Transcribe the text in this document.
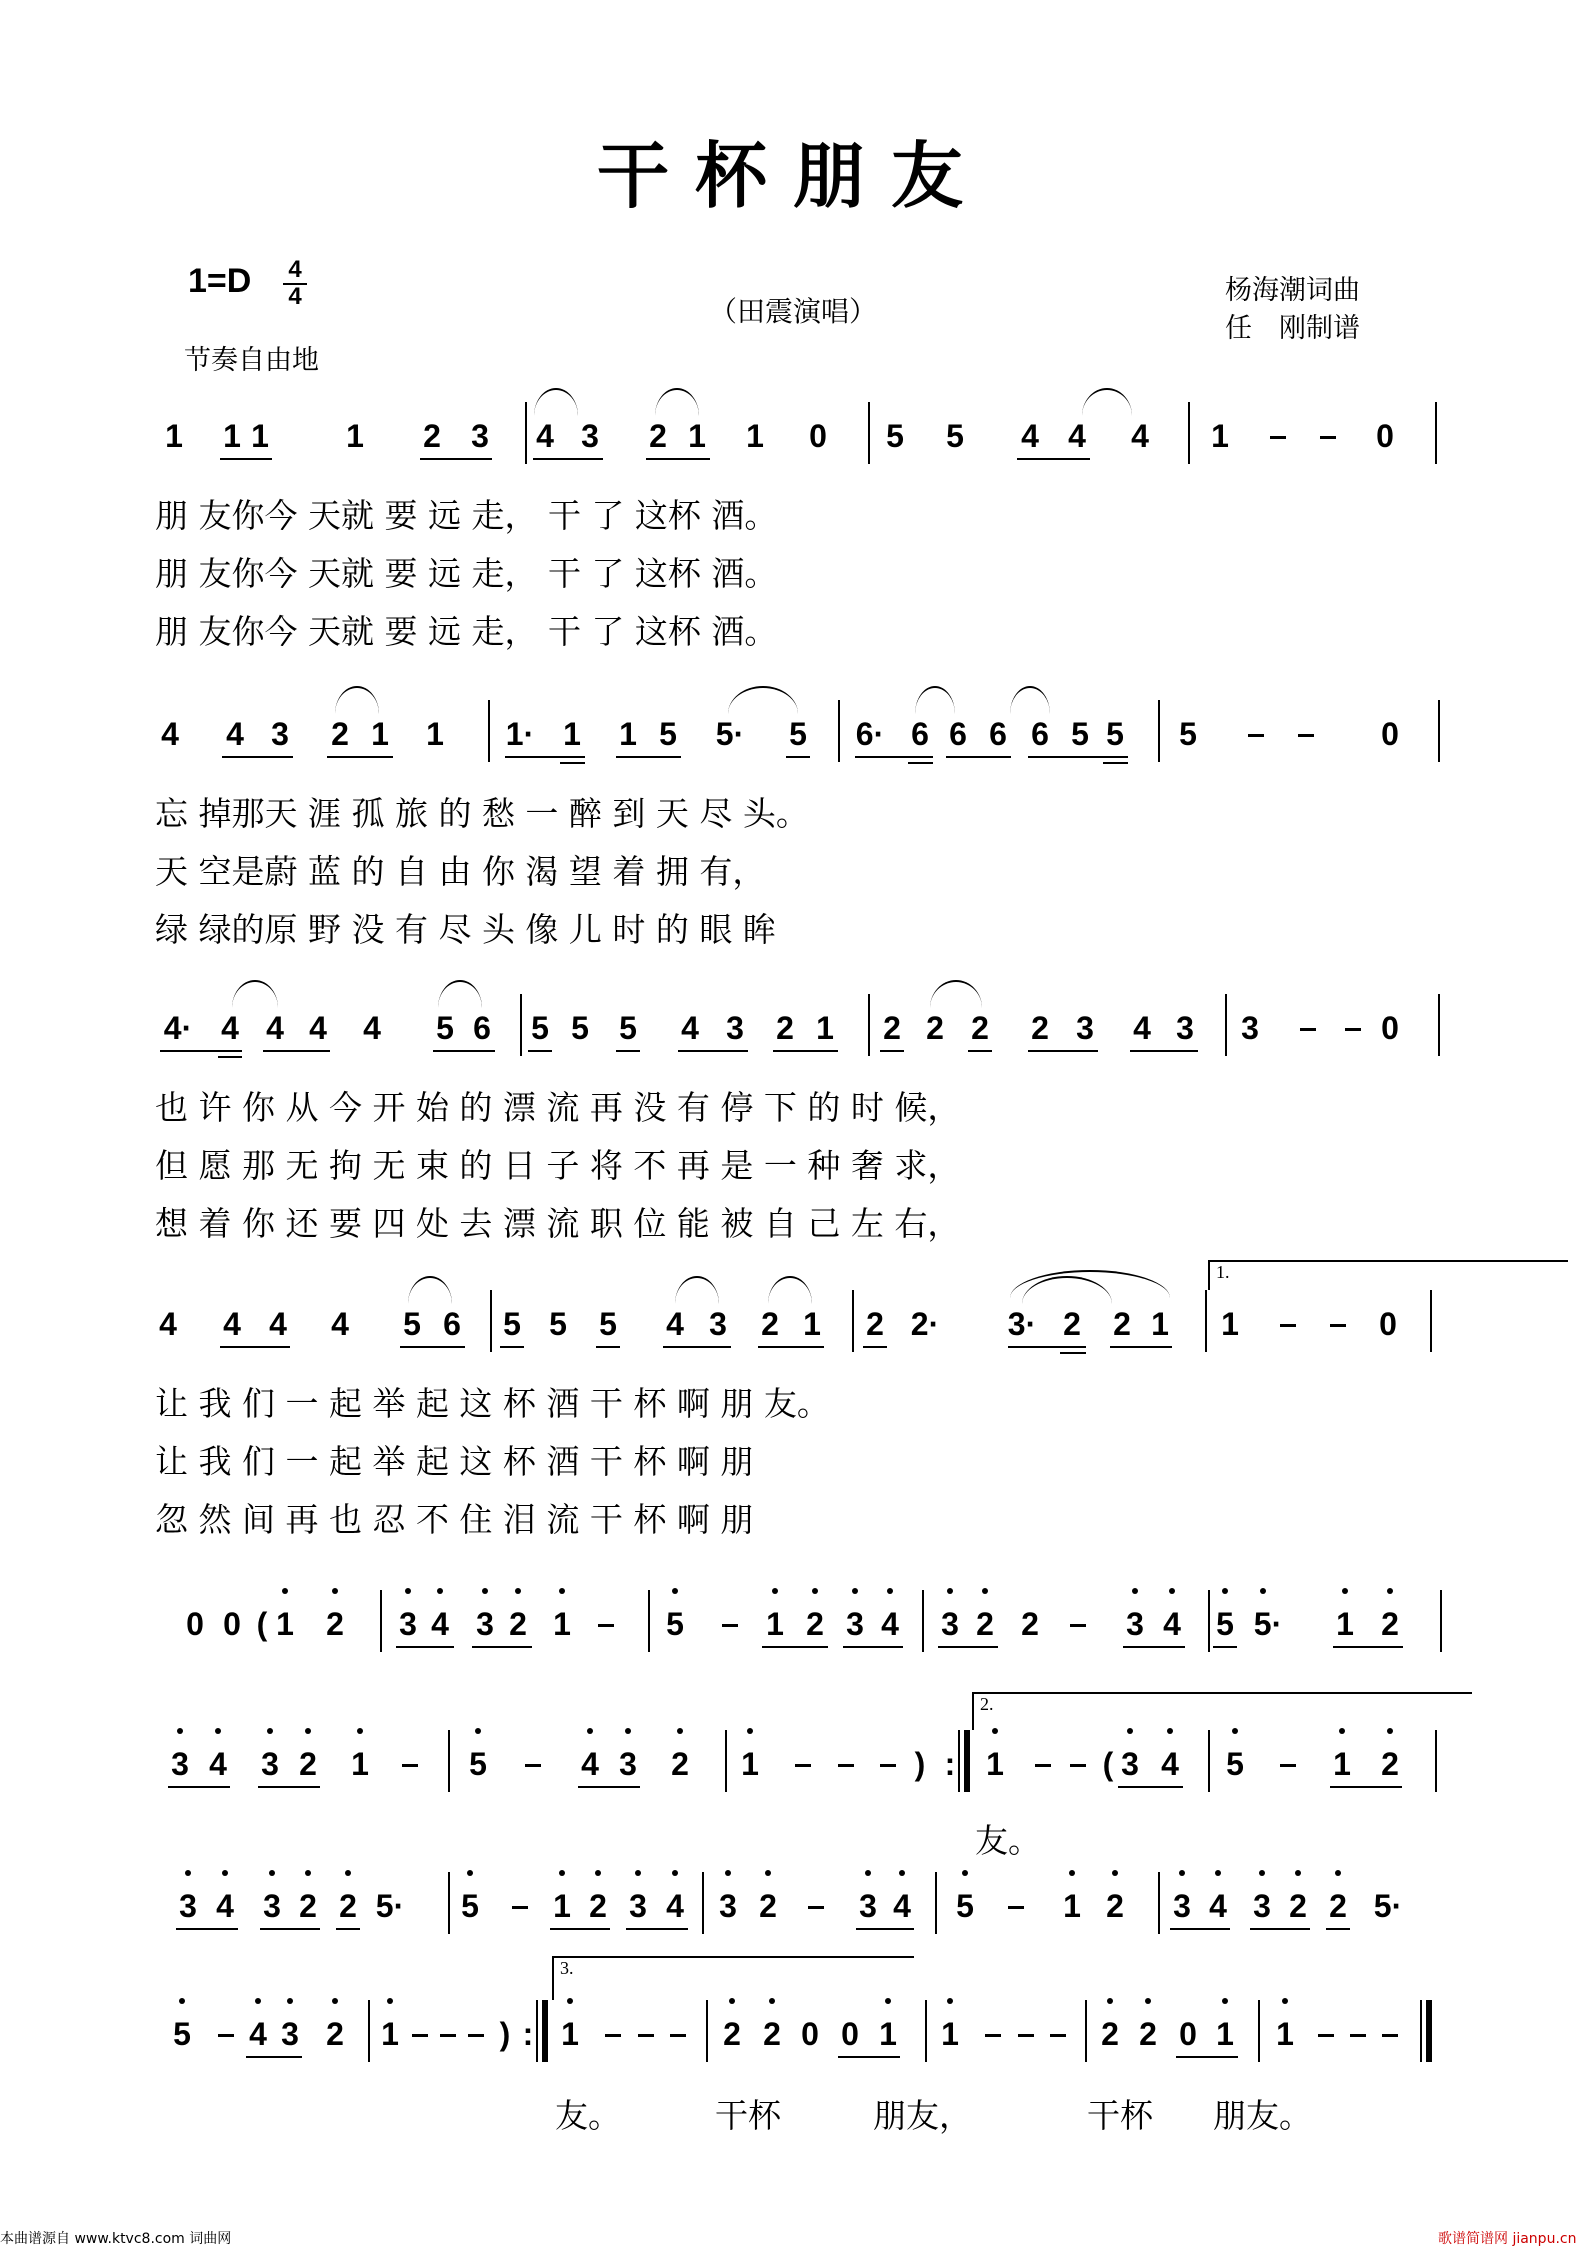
干杯朋友
1=D 4
4
节奏自由地
（田震演唱）
杨海潮词曲
任　刚制谱
1 1 1 1 2 3 4 3 2 1 1 0 5 5 4 4 4 1	0
朋 友你今 天就 要 远 走， 干 了 这杯 酒。
朋 友你今 天就 要 远 走， 干 了 这杯 酒。
朋 友你今 天就 要 远 走， 干 了 这杯 酒。
4 4 3 2 1 1 1· 1 1 5 5· 5 6· 6 6 6 6 5 5 5	0
忘 掉那天 涯 孤 旅 的 愁 一 醉 到 天 尽 头。
天 空是蔚 蓝 的 自 由 你 渴 望 着 拥 有，
绿 绿的原 野 没 有 尽 头 像 儿 时 的 眼 眸
4· 4 4 4 4 5 6 5 5 5 4 3 2 1 2 2 2 2 3 4 3 3	0
也 许 你 从 今 开 始 的 漂 流 再 没 有 停 下 的 时 候，
但 愿 那 无 拘 无 束 的 日 子 将 不 再 是 一 种 奢 求，
想 着 你 还 要 四 处 去 漂 流 职 位 能 被 自 己 左 右，
1.
4 4 4 4 5 6 5 5 5 4 3 2 1 2 2· 3· 2 2 1 1	0
让 我 们 一 起 举 起 这 杯 酒 干 杯 啊 朋 友。
让 我 们 一 起 举 起 这 杯 酒 干 杯 啊 朋
忽 然 间 再 也 忍 不 住 泪 流 干 杯 啊 朋
0 0 ( 1 2 3 4 3 2 1	5	1 2 3 4 3 2 2	3 4 5 5· 1 2
2.
3 4 3 2 1	5	4 3 2 1	) : 1	( 3 4 5	1 2
友。
3 4 3 2 2 5· 5 1 2 3 4 3 2	3 4 5	1 2 3 4 3 2 2 5·
3.
5 4 3 2 1	) : 1	2 2 0 0 1 1	2 2 0 1 1
友。	干杯	朋友，	干杯 朋友。
本曲谱源自 www.ktvc8.com 词曲网	歌谱简谱网 jianpu.cn
